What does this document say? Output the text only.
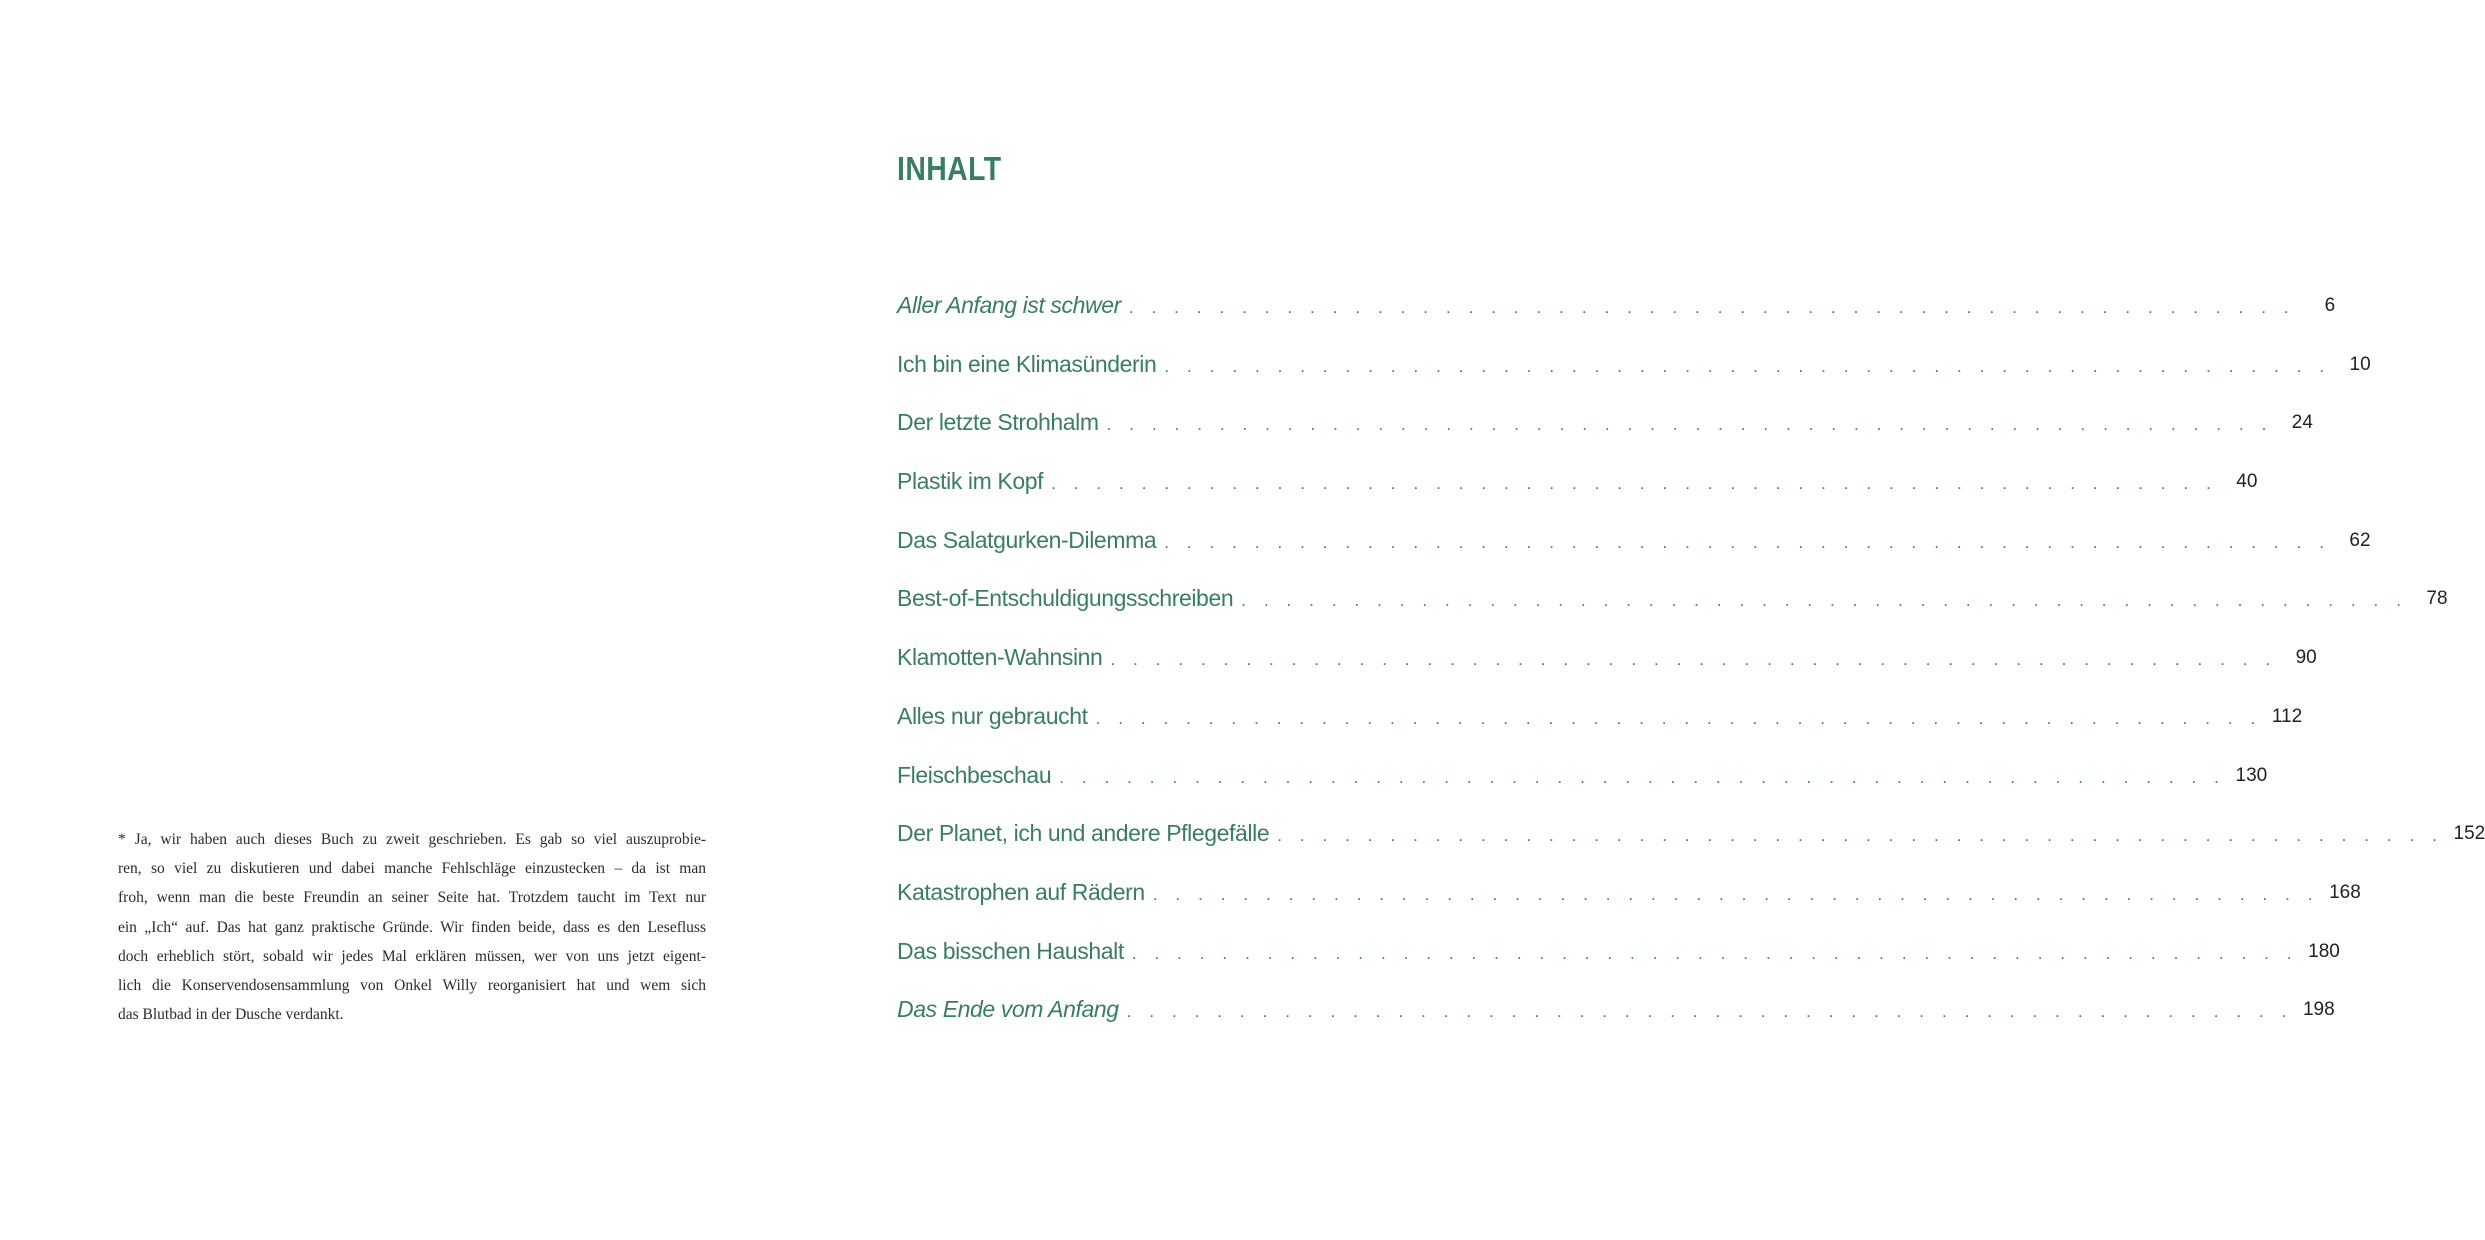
* Ja, wir haben auch dieses Buch zu zweit geschrieben. Es gab so viel auszuprobie-
ren, so viel zu diskutieren und dabei manche Fehlschläge einzustecken – da ist man
froh, wenn man die beste Freundin an seiner Seite hat. Trotzdem taucht im Text nur
ein „Ich“ auf. Das hat ganz praktische Gründe. Wir finden beide, dass es den Lesefluss
doch erheblich stört, sobald wir jedes Mal erklären müssen, wer von uns jetzt eigent-
lich die Konservendosensammlung von Onkel Willy reorganisiert hat und wem sich
das Blutbad in der Dusche verdankt.
INHALT
Aller Anfang ist schwer . . . . . . . . . . . . . . . . . . . . . . . . . . . . . . . . . . . . . . . . . . . . . . . . . . . .	6
Ich bin eine Klimasünderin . . . . . . . . . . . . . . . . . . . . . . . . . . . . . . . . . . . . . . . . . . . . . . . . . . . . 10
Der letzte Strohhalm . . . . . . . . . . . . . . . . . . . . . . . . . . . . . . . . . . . . . . . . . . . . . . . . . . . . 24
Plastik im Kopf . . . . . . . . . . . . . . . . . . . . . . . . . . . . . . . . . . . . . . . . . . . . . . . . . . . . 40
Das Salatgurken-Dilemma . . . . . . . . . . . . . . . . . . . . . . . . . . . . . . . . . . . . . . . . . . . . . . . . . . . . 62
Best-of-Entschuldigungsschreiben . . . . . . . . . . . . . . . . . . . . . . . . . . . . . . . . . . . . . . . . . . . . . . . . . . . . 78
Klamotten-Wahnsinn . . . . . . . . . . . . . . . . . . . . . . . . . . . . . . . . . . . . . . . . . . . . . . . . . . . . 90
Alles nur gebraucht . . . . . . . . . . . . . . . . . . . . . . . . . . . . . . . . . . . . . . . . . . . . . . . . . . . . 112
Fleischbeschau . . . . . . . . . . . . . . . . . . . . . . . . . . . . . . . . . . . . . . . . . . . . . . . . . . . . 130
Der Planet, ich und andere Pflegefälle . . . . . . . . . . . . . . . . . . . . . . . . . . . . . . . . . . . . . . . . . . . . . . . . . . . . 152
Katastrophen auf Rädern . . . . . . . . . . . . . . . . . . . . . . . . . . . . . . . . . . . . . . . . . . . . . . . . . . . . 168
Das bisschen Haushalt . . . . . . . . . . . . . . . . . . . . . . . . . . . . . . . . . . . . . . . . . . . . . . . . . . . . 180
Das Ende vom Anfang . . . . . . . . . . . . . . . . . . . . . . . . . . . . . . . . . . . . . . . . . . . . . . . . . . . . 198
